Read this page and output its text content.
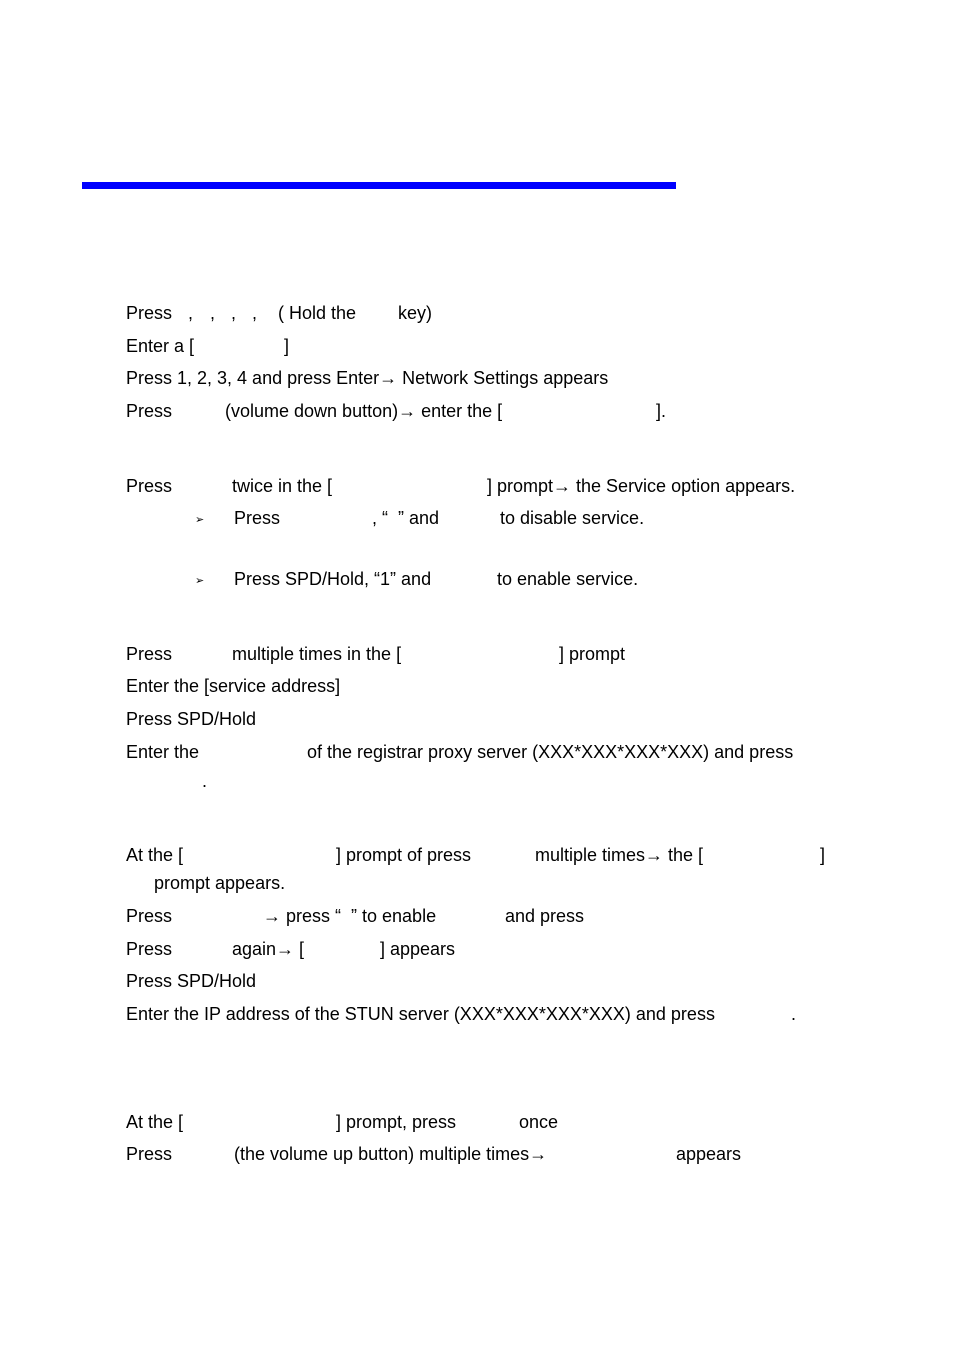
Press , , , , ( Hold the key)
Enter a [	]
Press 1, 2, 3, 4 and press Enter→ Network Settings appears
Press	(volume down button)→ enter the [	].
Press	twice in the [	] prompt→ the Service option appears.
➢ Press	, “  ” and	to disable service.
➢ Press SPD/Hold, “1” and	to enable service.
Press	multiple times in the [	] prompt
Enter the [service address]
Press SPD/Hold
Enter the	of the registrar proxy server (XXX*XXX*XXX*XXX) and press
.
At the [	] prompt of press	multiple times→ the [	]
prompt appears.
Press	→ press “  ” to enable	and press
Press	again→ [	] appears
Press SPD/Hold
Enter the IP address of the STUN server (XXX*XXX*XXX*XXX) and press	.
At the [	] prompt, press	once
Press	(the volume up button) multiple times→	appears
